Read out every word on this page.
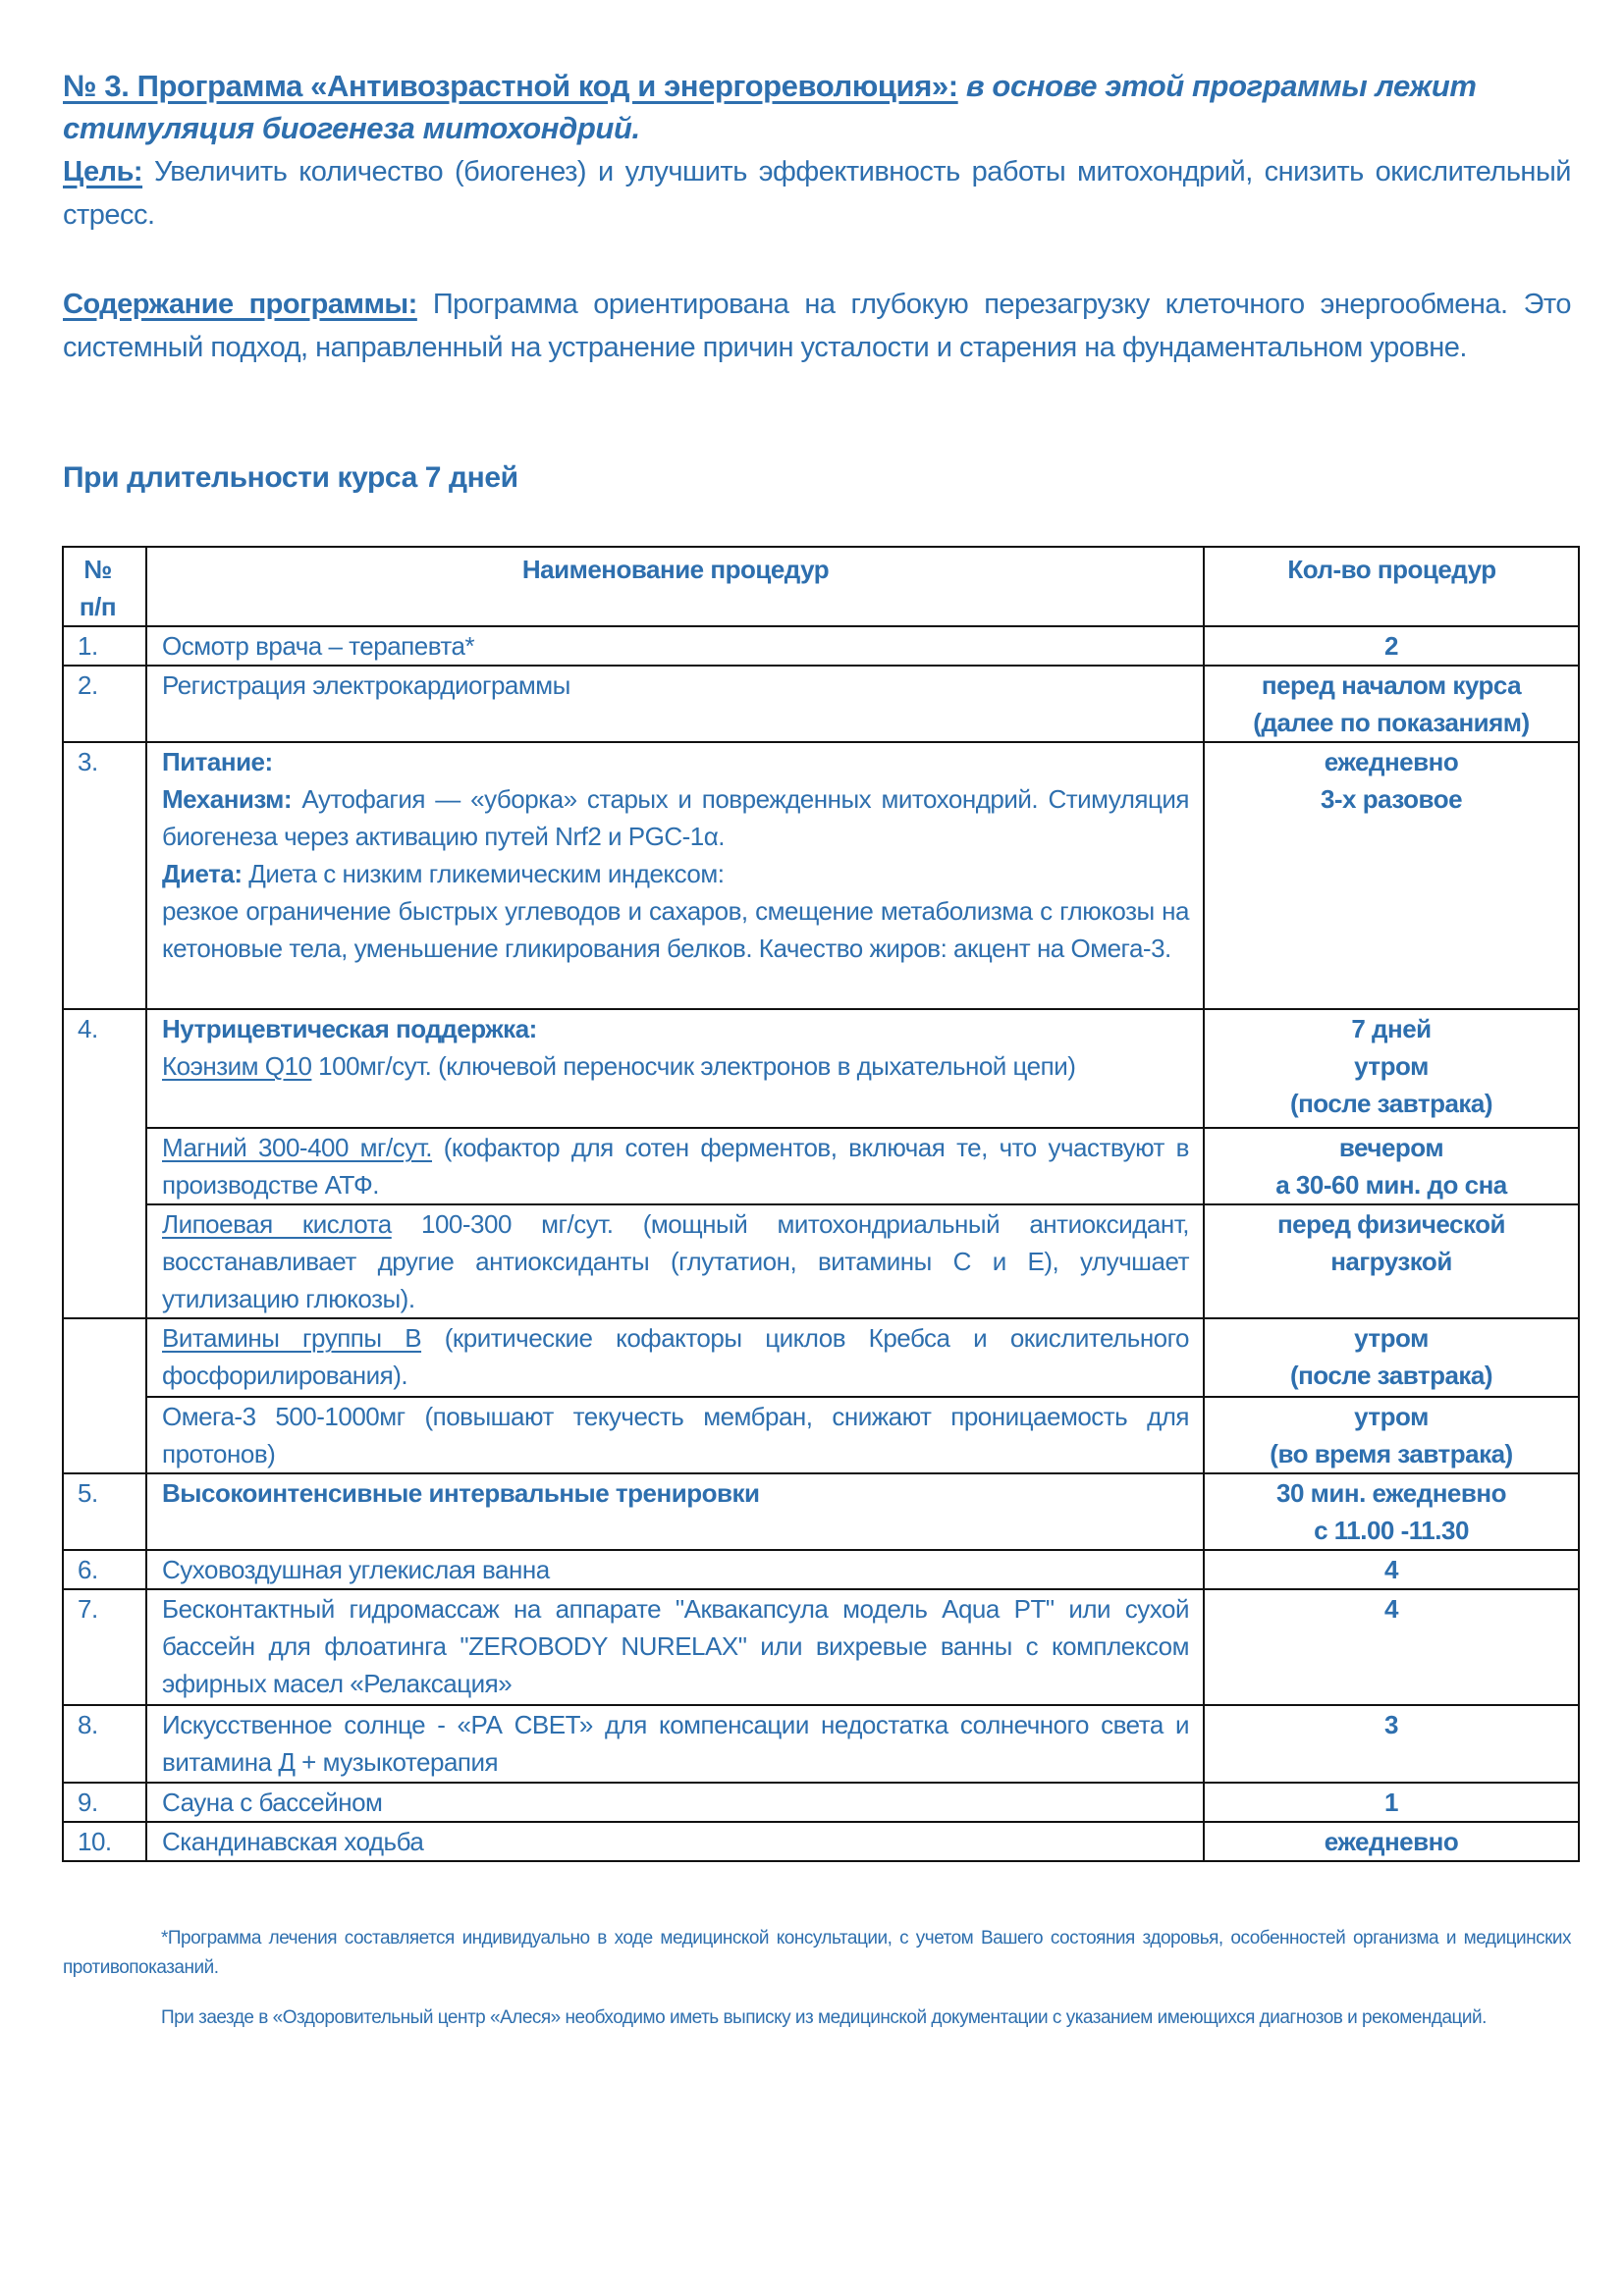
№ 3. Программа «Антивозрастной код и энергореволюция»: в основе этой программы лежит стимуляция биогенеза митохондрий.
Цель: Увеличить количество (биогенез) и улучшить эффективность работы митохондрий, снизить окислительный стресс.
Содержание программы: Программа ориентирована на глубокую перезагрузку клеточного энергообмена. Это системный подход, направленный на устранение причин усталости и старения на фундаментальном уровне.
При длительности курса 7 дней
№
п/п	Наименование процедур	Кол-во процедур
1.	Осмотр врача – терапевта*	2

2.	Регистрация электрокардиограммы	перед началом курса
(далее по показаниям)

3.	Питание:
Механизм: Аутофагия — «уборка» старых и поврежденных митохондрий. Стимуляция биогенеза через активацию путей Nrf2 и PGC-1α.
Диета: Диета с низким гликемическим индексом:
резкое ограничение быстрых углеводов и сахаров, смещение метаболизма с глюкозы на кетоновые тела, уменьшение гликирования белков. Качество жиров: акцент на Омега-3.	ежедневно
3-х разовое

4.	Нутрицевтическая поддержка:
Коэнзим Q10 100мг/сут. (ключевой переносчик электронов в дыхательной цепи)	7 дней
утром
(после завтрака)

	Магний 300-400 мг/сут. (кофактор для сотен ферментов, включая те, что участвуют в производстве АТФ.	вечером
а 30-60 мин. до сна

	Липоевая кислота 100-300 мг/сут. (мощный митохондриальный антиоксидант, восстанавливает другие антиоксиданты (глутатион, витамины С и Е), улучшает утилизацию глюкозы).	перед физической
нагрузкой

	Витамины группы В (критические кофакторы циклов Кребса и окислительного фосфорилирования).	утром
(после завтрака)

	Омега-3 500-1000мг (повышают текучесть мембран, снижают проницаемость для протонов)	утром
(во время завтрака)

5.	Высокоинтенсивные интервальные тренировки	30 мин. ежедневно
с 11.00 -11.30

6.	Суховоздушная углекислая ванна	4

7.	Бесконтактный гидромассаж на аппарате "Аквакапсула модель Aqua PT" или сухой бассейн для флоатинга "ZEROBODY NURELAX" или вихревые ванны с комплексом эфирных масел «Релаксация»	4

8.	Искусственное солнце - «РА СВЕТ» для компенсации недостатка солнечного света и витамина Д + музыкотерапия	3

9.	Сауна с бассейном	1

10.	Скандинавская ходьба	ежедневно
*Программа лечения составляется индивидуально в ходе медицинской консультации, с учетом Вашего состояния здоровья, особенностей организма и медицинских противопоказаний.
При заезде в «Оздоровительный центр «Алеся» необходимо иметь выписку из медицинской документации с указанием имеющихся диагнозов и рекомендаций.
